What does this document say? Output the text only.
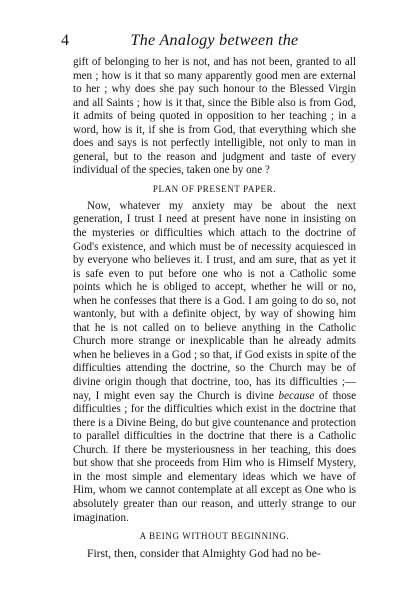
4	The Analogy between the

gift of belonging to her is not, and has not been, granted to all men ; how is it that so many apparently good men are external to her ; why does she pay such honour to the Blessed Virgin and all Saints ; how is it that, since the Bible also is from God, it admits of being quoted in opposition to her teaching ; in a word, how is it, if she is from God, that everything which she does and says is not perfectly intelligible, not only to man in general, but to the reason and judgment and taste of every individual of the species, taken one by one ?

PLAN OF PRESENT PAPER.

Now, whatever my anxiety may be about the next generation, I trust I need at present have none in insisting on the mysteries or difficulties which attach to the doctrine of God's existence, and which must be of necessity acquiesced in by everyone who believes it. I trust, and am sure, that as yet it is safe even to put before one who is not a Catholic some points which he is obliged to accept, whether he will or no, when he confesses that there is a God. I am going to do so, not wantonly, but with a definite object, by way of showing him that he is not called on to believe anything in the Catholic Church more strange or inexplicable than he already admits when he believes in a God ; so that, if God exists in spite of the difficulties attending the doctrine, so the Church may be of divine origin though that doctrine, too, has its difficulties ;—nay, I might even say the Church is divine because of those difficulties ; for the difficulties which exist in the doctrine that there is a Divine Being, do but give countenance and protection to parallel difficulties in the doctrine that there is a Catholic Church. If there be mysteriousness in her teaching, this does but show that she proceeds from Him who is Himself Mystery, in the most simple and elementary ideas which we have of Him, whom we cannot contemplate at all except as One who is absolutely greater than our reason, and utterly strange to our imagination.

A BEING WITHOUT BEGINNING.

First, then, consider that Almighty God had no be-
